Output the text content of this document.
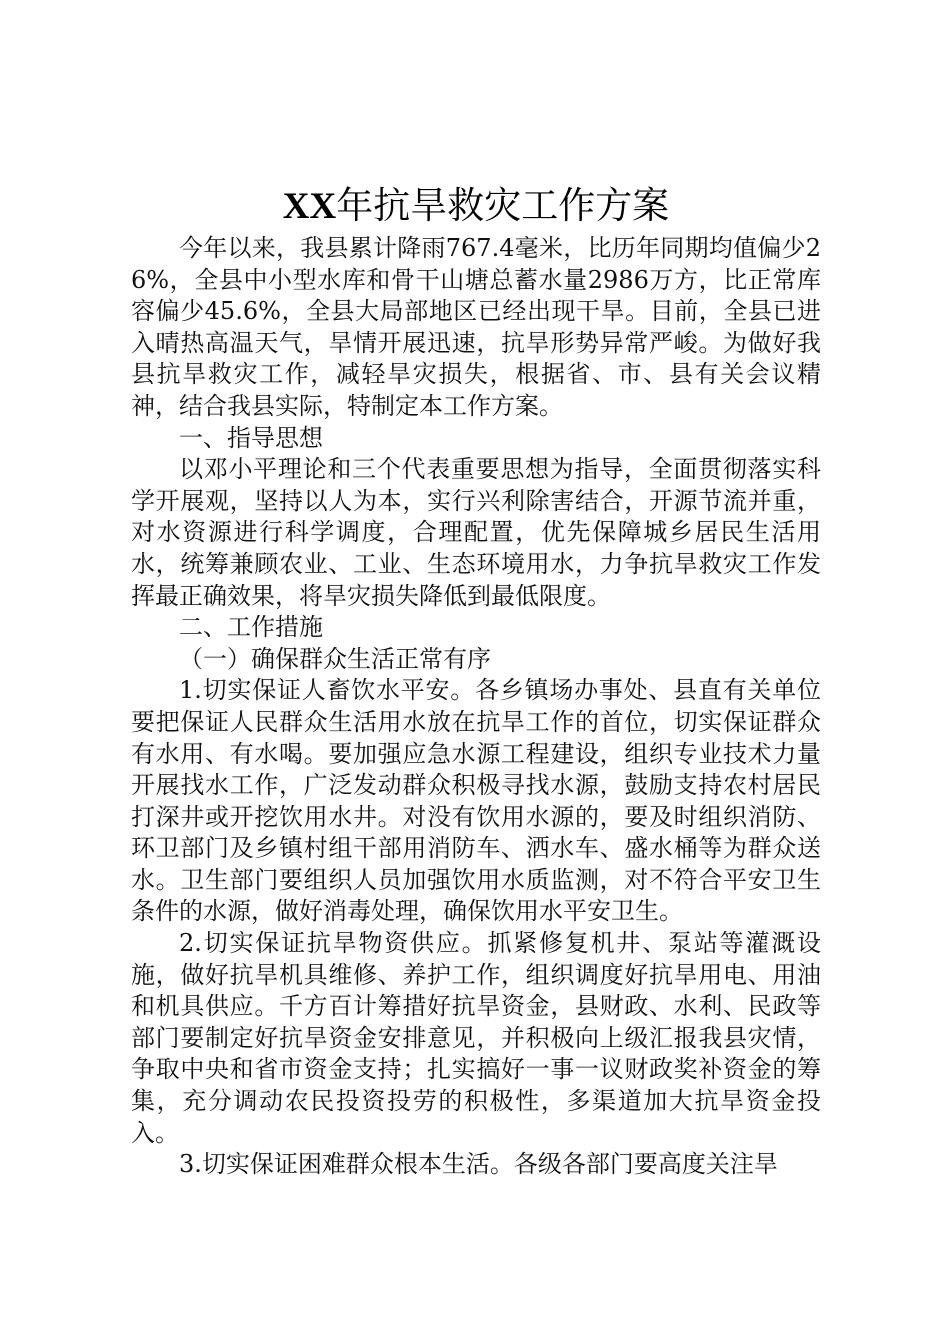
XX年抗旱救灾工作方案

今年以来，我县累计降雨767.4毫米，比历年同期均值偏少26%，全县中小型水库和骨干山塘总蓄水量2986万方，比正常库容偏少45.6%，全县大局部地区已经出现干旱。目前，全县已进入晴热高温天气，旱情开展迅速，抗旱形势异常严峻。为做好我县抗旱救灾工作，减轻旱灾损失，根据省、市、县有关会议精神，结合我县实际，特制定本工作方案。

一、指导思想

以邓小平理论和三个代表重要思想为指导，全面贯彻落实科学开展观，坚持以人为本，实行兴利除害结合，开源节流并重，对水资源进行科学调度，合理配置，优先保障城乡居民生活用水，统筹兼顾农业、工业、生态环境用水，力争抗旱救灾工作发挥最正确效果，将旱灾损失降低到最低限度。

二、工作措施

（一）确保群众生活正常有序

1.切实保证人畜饮水平安。各乡镇场办事处、县直有关单位要把保证人民群众生活用水放在抗旱工作的首位，切实保证群众有水用、有水喝。要加强应急水源工程建设，组织专业技术力量开展找水工作，广泛发动群众积极寻找水源，鼓励支持农村居民打深井或开挖饮用水井。对没有饮用水源的，要及时组织消防、环卫部门及乡镇村组干部用消防车、洒水车、盛水桶等为群众送水。卫生部门要组织人员加强饮用水质监测，对不符合平安卫生条件的水源，做好消毒处理，确保饮用水平安卫生。

2.切实保证抗旱物资供应。抓紧修复机井、泵站等灌溉设施，做好抗旱机具维修、养护工作，组织调度好抗旱用电、用油和机具供应。千方百计筹措好抗旱资金，县财政、水利、民政等部门要制定好抗旱资金安排意见，并积极向上级汇报我县灾情，争取中央和省市资金支持；扎实搞好一事一议财政奖补资金的筹集，充分调动农民投资投劳的积极性，多渠道加大抗旱资金投入。

3.切实保证困难群众根本生活。各级各部门要高度关注旱
